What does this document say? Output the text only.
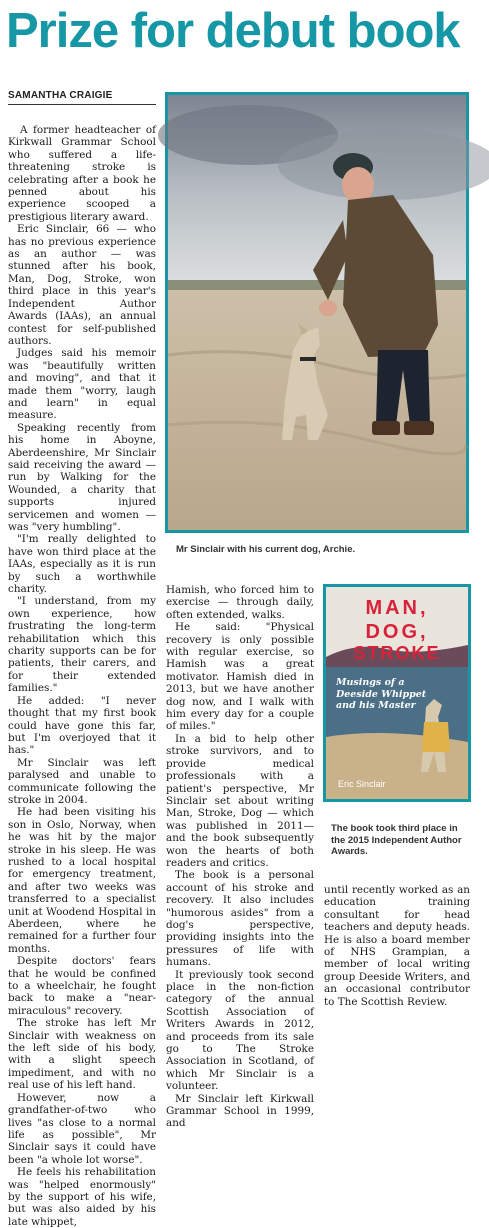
Prize for debut book
SAMANTHA CRAIGIE

A former headteacher of Kirkwall Grammar School who suffered a life-threatening stroke is celebrating after a book he penned about his experience scooped a prestigious literary award.

Eric Sinclair, 66 — who has no previous experience as an author — was stunned after his book, Man, Dog, Stroke, won third place in this year's Independent Author Awards (IAAs), an annual contest for self-published authors.

Judges said his memoir was "beautifully written and moving", and that it made them "worry, laugh and learn" in equal measure.

Speaking recently from his home in Aboyne, Aberdeenshire, Mr Sinclair said receiving the award — run by Walking for the Wounded, a charity that supports injured servicemen and women — was "very humbling".

"I'm really delighted to have won third place at the IAAs, especially as it is run by such a worthwhile charity.

"I understand, from my own experience, how frustrating the long-term rehabilitation which this charity supports can be for patients, their carers, and for their extended families."

He added: "I never thought that my first book could have gone this far, but I'm overjoyed that it has."

Mr Sinclair was left paralysed and unable to communicate following the stroke in 2004.

He had been visiting his son in Oslo, Norway, when he was hit by the major stroke in his sleep. He was rushed to a local hospital for emergency treatment, and after two weeks was transferred to a specialist unit at Woodend Hospital in Aberdeen, where he remained for a further four months.

Despite doctors' fears that he would be confined to a wheelchair, he fought back to make a "near-miraculous" recovery.

The stroke has left Mr Sinclair with weakness on the left side of his body, with a slight speech impediment, and with no real use of his left hand.

However, now a grandfather-of-two who lives "as close to a normal life as possible", Mr Sinclair says it could have been "a whole lot worse".

He feels his rehabilitation was "helped enormously" by the support of his wife, but was also aided by his late whippet,

Mr Sinclair with his current dog, Archie.

Hamish, who forced him to exercise — through daily, often extended, walks.

He said: "Physical recovery is only possible with regular exercise, so Hamish was a great motivator. Hamish died in 2013, but we have another dog now, and I walk with him every day for a couple of miles."

In a bid to help other stroke survivors, and to provide medical professionals with a patient's perspective, Mr Sinclair set about writing Man, Stroke, Dog — which was published in 2011— and the book subsequently won the hearts of both readers and critics.

The book is a personal account of his stroke and recovery. It also includes "humorous asides" from a dog's perspective, providing insights into the pressures of life with humans.

It previously took second place in the non-fiction category of the annual Scottish Association of Writers Awards in 2012, and proceeds from its sale go to The Stroke Association in Scotland, of which Mr Sinclair is a volunteer.

Mr Sinclair left Kirkwall Grammar School in 1999, and

MAN,
DOG,
STROKE
Musings of a Deeside Whippet and his Master
Eric Sinclair
The book took third place in the 2015 Independent Author Awards.

until recently worked as an education training consultant for head teachers and deputy heads. He is also a board member of NHS Grampian, a member of local writing group Deeside Writers, and an occasional contributor to The Scottish Review.
